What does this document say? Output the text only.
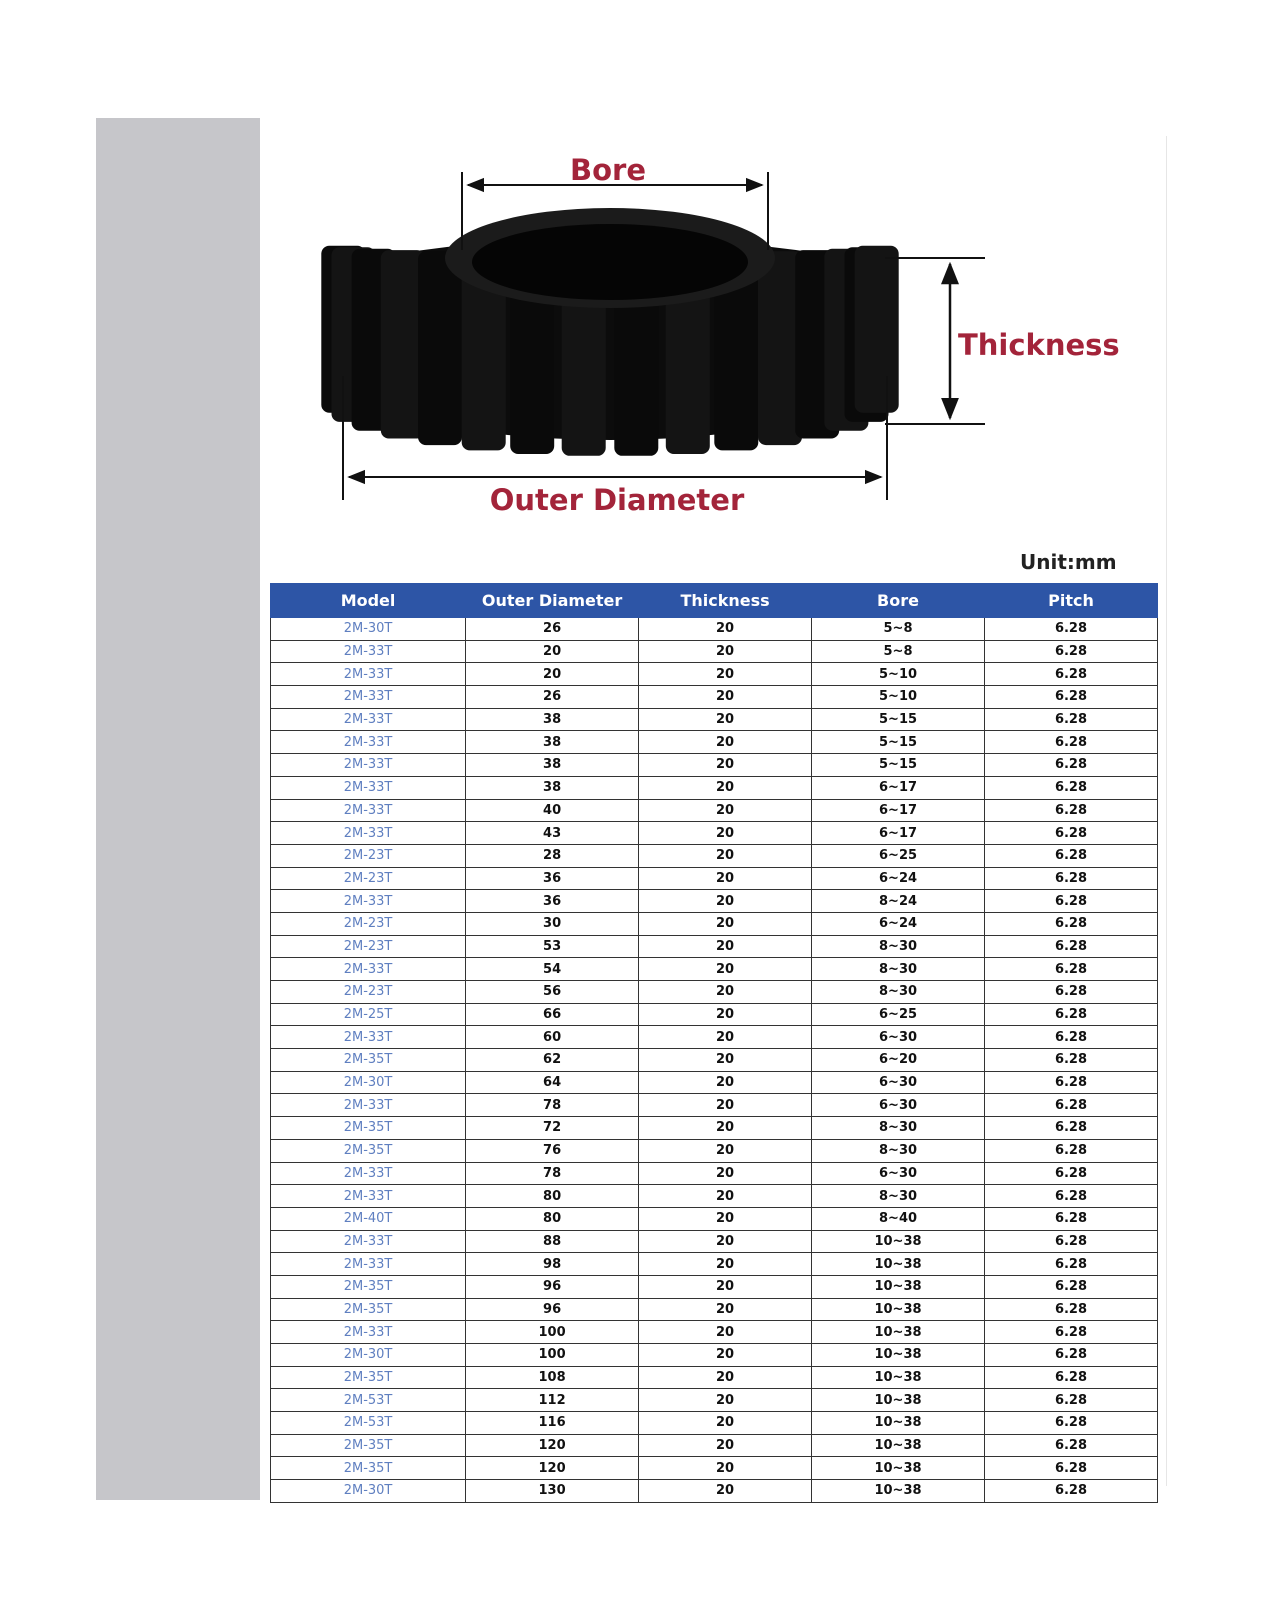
Bore
Thickness
Outer Diameter
Unit:mm
Model	Outer Diameter	Thickness	Bore	Pitch
2M-30T	26	20	5~8	6.28
2M-33T	20	20	5~8	6.28
2M-33T	20	20	5~10	6.28
2M-33T	26	20	5~10	6.28
2M-33T	38	20	5~15	6.28
2M-33T	38	20	5~15	6.28
2M-33T	38	20	5~15	6.28
2M-33T	38	20	6~17	6.28
2M-33T	40	20	6~17	6.28
2M-33T	43	20	6~17	6.28
2M-23T	28	20	6~25	6.28
2M-23T	36	20	6~24	6.28
2M-33T	36	20	8~24	6.28
2M-23T	30	20	6~24	6.28
2M-23T	53	20	8~30	6.28
2M-33T	54	20	8~30	6.28
2M-23T	56	20	8~30	6.28
2M-25T	66	20	6~25	6.28
2M-33T	60	20	6~30	6.28
2M-35T	62	20	6~20	6.28
2M-30T	64	20	6~30	6.28
2M-33T	78	20	6~30	6.28
2M-35T	72	20	8~30	6.28
2M-35T	76	20	8~30	6.28
2M-33T	78	20	6~30	6.28
2M-33T	80	20	8~30	6.28
2M-40T	80	20	8~40	6.28
2M-33T	88	20	10~38	6.28
2M-33T	98	20	10~38	6.28
2M-35T	96	20	10~38	6.28
2M-35T	96	20	10~38	6.28
2M-33T	100	20	10~38	6.28
2M-30T	100	20	10~38	6.28
2M-35T	108	20	10~38	6.28
2M-53T	112	20	10~38	6.28
2M-53T	116	20	10~38	6.28
2M-35T	120	20	10~38	6.28
2M-35T	120	20	10~38	6.28
2M-30T	130	20	10~38	6.28
